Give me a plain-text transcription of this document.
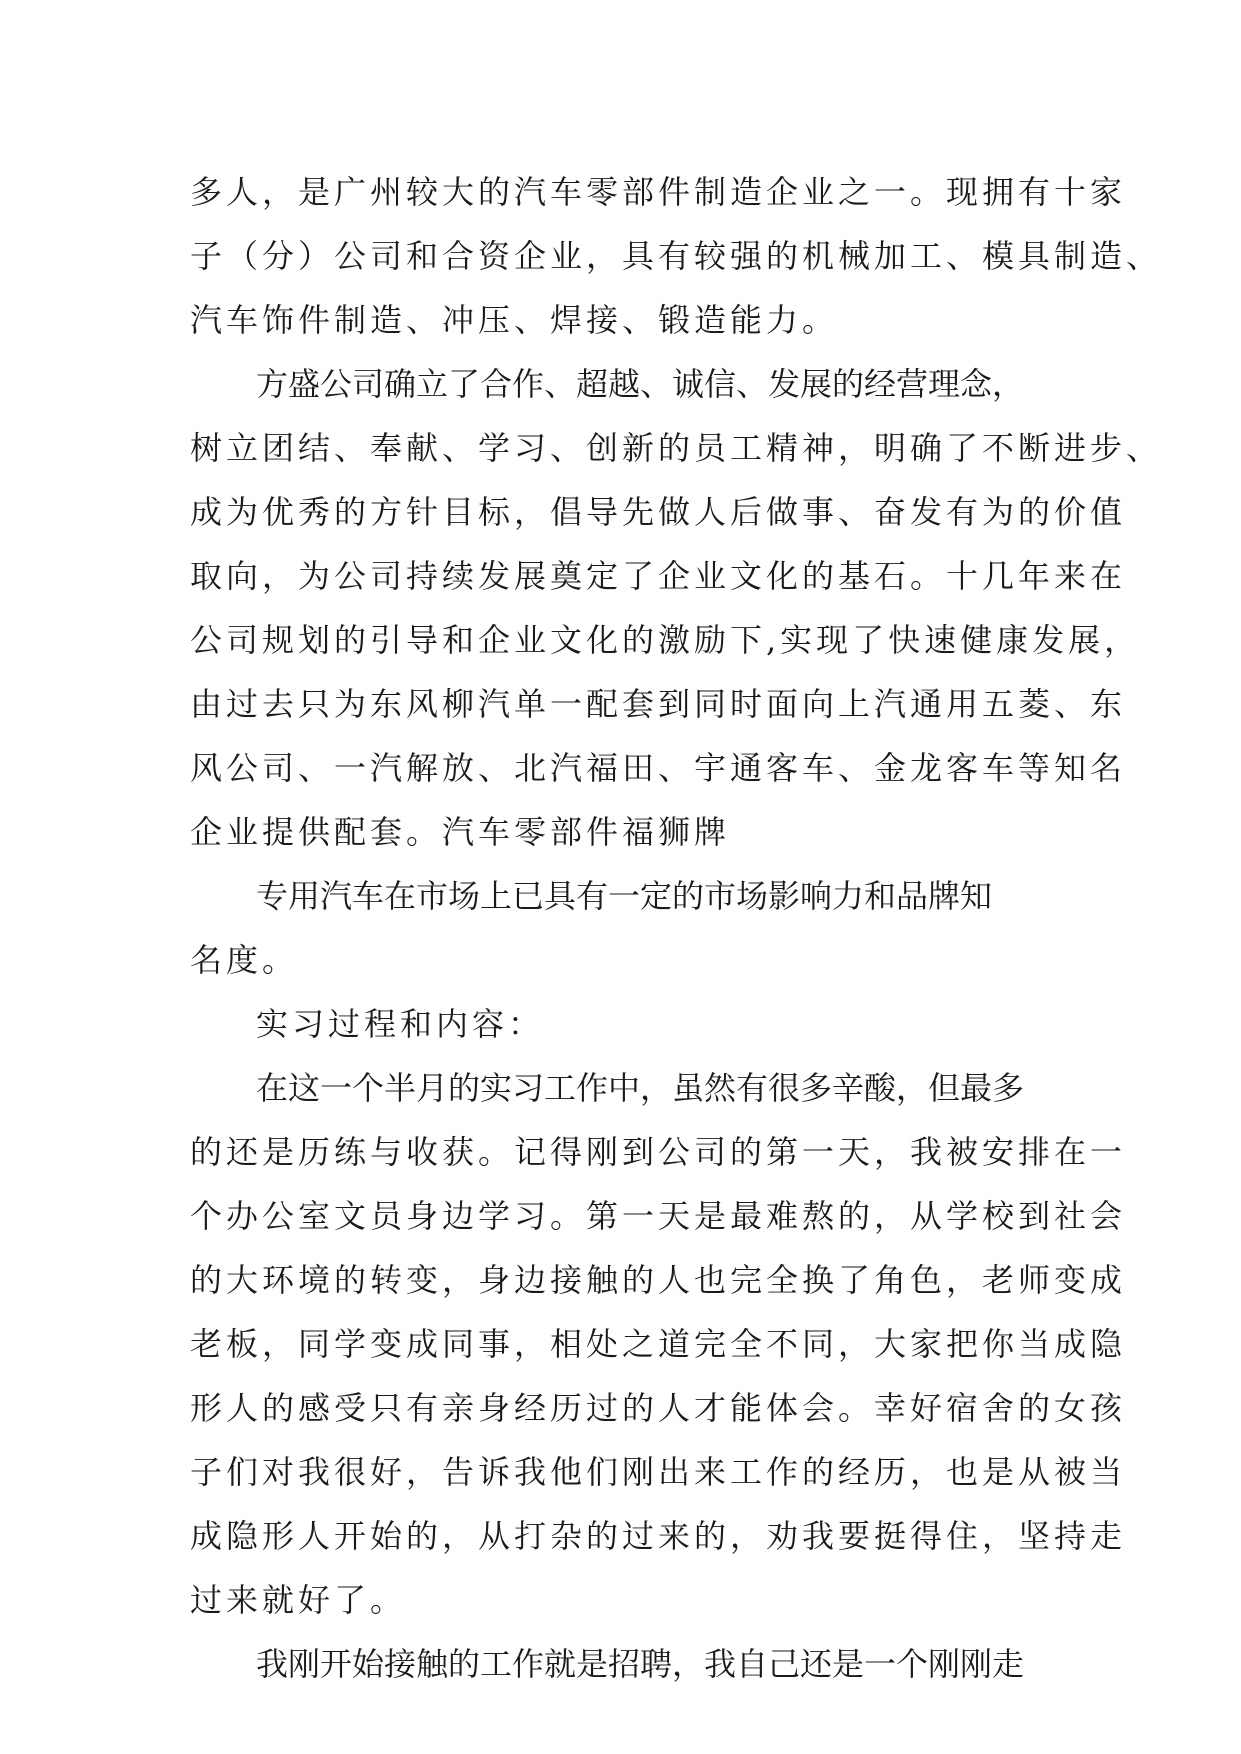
多人，是广州较大的汽车零部件制造企业之一。现拥有十家
子（分）公司和合资企业，具有较强的机械加工、模具制造、
汽车饰件制造、冲压、焊接、锻造能力。
方盛公司确立了合作、超越、诚信、发展的经营理念，
树立团结、奉献、学习、创新的员工精神，明确了不断进步、
成为优秀的方针目标，倡导先做人后做事、奋发有为的价值
取向，为公司持续发展奠定了企业文化的基石。十几年来在
公司规划的引导和企业文化的激励下,实现了快速健康发展，
由过去只为东风柳汽单一配套到同时面向上汽通用五菱、东
风公司、一汽解放、北汽福田、宇通客车、金龙客车等知名
企业提供配套。汽车零部件福狮牌
专用汽车在市场上已具有一定的市场影响力和品牌知
名度。
实习过程和内容：
在这一个半月的实习工作中，虽然有很多辛酸，但最多
的还是历练与收获。记得刚到公司的第一天，我被安排在一
个办公室文员身边学习。第一天是最难熬的，从学校到社会
的大环境的转变，身边接触的人也完全换了角色，老师变成
老板，同学变成同事，相处之道完全不同，大家把你当成隐
形人的感受只有亲身经历过的人才能体会。幸好宿舍的女孩
子们对我很好，告诉我他们刚出来工作的经历，也是从被当
成隐形人开始的，从打杂的过来的，劝我要挺得住，坚持走
过来就好了。
我刚开始接触的工作就是招聘，我自己还是一个刚刚走
